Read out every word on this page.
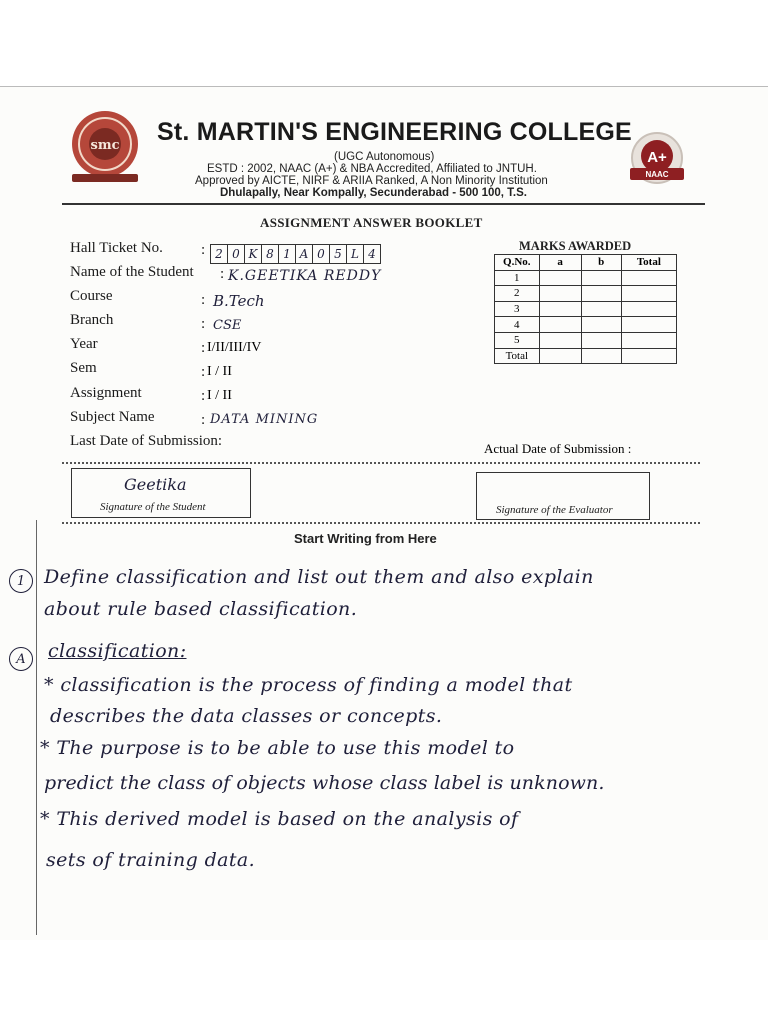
smc St. MARTIN'S ENGINEERING COLLEGE
(UGC Autonomous)
ESTD : 2002, NAAC (A+) & NBA Accredited, Affiliated to JNTUH.
Approved by AICTE, NIRF & ARIIA Ranked, A Non Minority Institution
Dhulapally, Near Kompally, Secunderabad - 500 100, T.S.
A+
NAAC
ASSIGNMENT ANSWER BOOKLET
Hall Ticket No.	: 2 0 K 8 1 A 0 5 L 4
Name of the Student : K.GEETIKA REDDY
Course	: B.Tech
Branch	: CSE
Year	: I/II/III/IV
Sem	: I / II
Assignment	: I / II
Subject Name	: DATA MINING
Last Date of Submission:	Actual Date of Submission :
MARKS AWARDED
Q.No.	a	b	Total
1			
2			
3			
4			
5			
Total			
Geetika
Signature of the Student	Signature of the Evaluator
Start Writing from Here
1 Define classification and list out them and also explain
about rule based classification.
A	classification:
* classification is the process of finding a model that
describes the data classes or concepts.
* The purpose is to be able to use this model to
predict the class of objects whose class label is unknown.
* This derived model is based on the analysis of
sets of training data.
